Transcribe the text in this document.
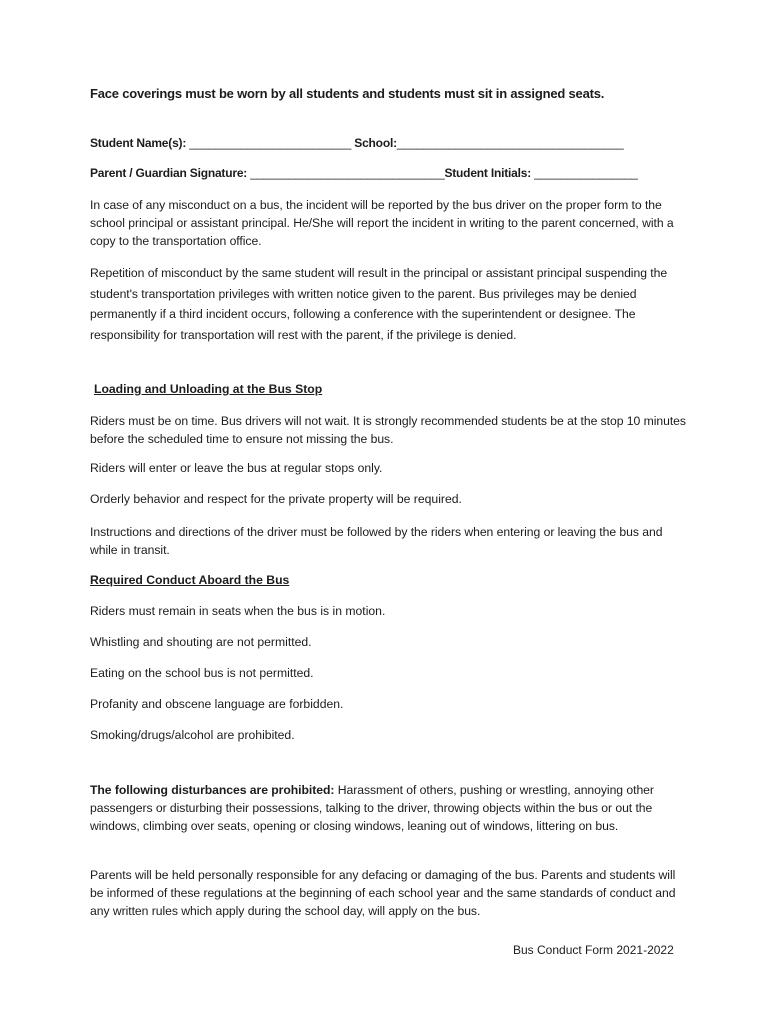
Face coverings must be worn by all students and students must sit in assigned seats.
Student Name(s): _________________________ School:___________________________________
Parent / Guardian Signature: ______________________________Student Initials: ________________
In case of any misconduct on a bus, the incident will be reported by the bus driver on the proper form to the school principal or assistant principal. He/She will report the incident in writing to the parent concerned, with a copy to the transportation office.
Repetition of misconduct by the same student will result in the principal or assistant principal suspending the student's transportation privileges with written notice given to the parent. Bus privileges may be denied permanently if a third incident occurs, following a conference with the superintendent or designee. The responsibility for transportation will rest with the parent, if the privilege is denied.
Loading and Unloading at the Bus Stop
Riders must be on time. Bus drivers will not wait. It is strongly recommended students be at the stop 10 minutes before the scheduled time to ensure not missing the bus.
Riders will enter or leave the bus at regular stops only.
Orderly behavior and respect for the private property will be required.
Instructions and directions of the driver must be followed by the riders when entering or leaving the bus and while in transit.
Required Conduct Aboard the Bus
Riders must remain in seats when the bus is in motion.
Whistling and shouting are not permitted.
Eating on the school bus is not permitted.
Profanity and obscene language are forbidden.
Smoking/drugs/alcohol are prohibited.
The following disturbances are prohibited: Harassment of others, pushing or wrestling, annoying other passengers or disturbing their possessions, talking to the driver, throwing objects within the bus or out the windows, climbing over seats, opening or closing windows, leaning out of windows, littering on bus.
Parents will be held personally responsible for any defacing or damaging of the bus. Parents and students will be informed of these regulations at the beginning of each school year and the same standards of conduct and any written rules which apply during the school day, will apply on the bus.
Bus Conduct Form 2021-2022
